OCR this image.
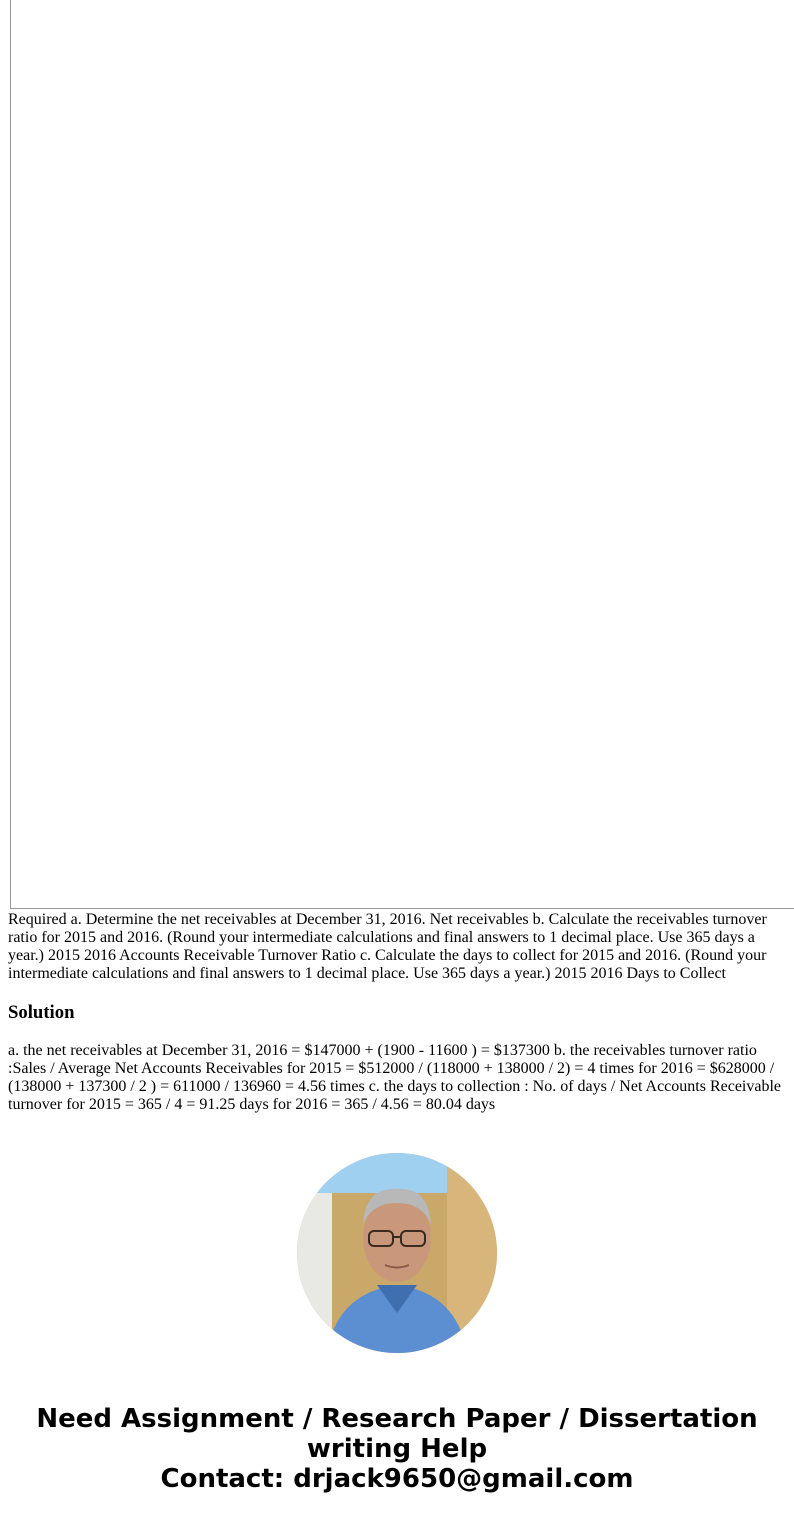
Required a. Determine the net receivables at December 31, 2016. Net receivables b. Calculate the receivables turnover ratio for 2015 and 2016. (Round your intermediate calculations and final answers to 1 decimal place. Use 365 days a year.) 2015 2016 Accounts Receivable Turnover Ratio c. Calculate the days to collect for 2015 and 2016. (Round your intermediate calculations and final answers to 1 decimal place. Use 365 days a year.) 2015 2016 Days to Collect

Solution

a. the net receivables at December 31, 2016 = $147000 + (1900 - 11600 ) = $137300 b. the receivables turnover ratio :Sales / Average Net Accounts Receivables for 2015 = $512000 / (118000 + 138000 / 2) = 4 times for 2016 = $628000 / (138000 + 137300 / 2 ) = 611000 / 136960 = 4.56 times c. the days to collection : No. of days / Net Accounts Receivable turnover for 2015 = 365 / 4 = 91.25 days for 2016 = 365 / 4.56 = 80.04 days

Need Assignment / Research Paper / Dissertation writing Help
Contact: drjack9650@gmail.com
